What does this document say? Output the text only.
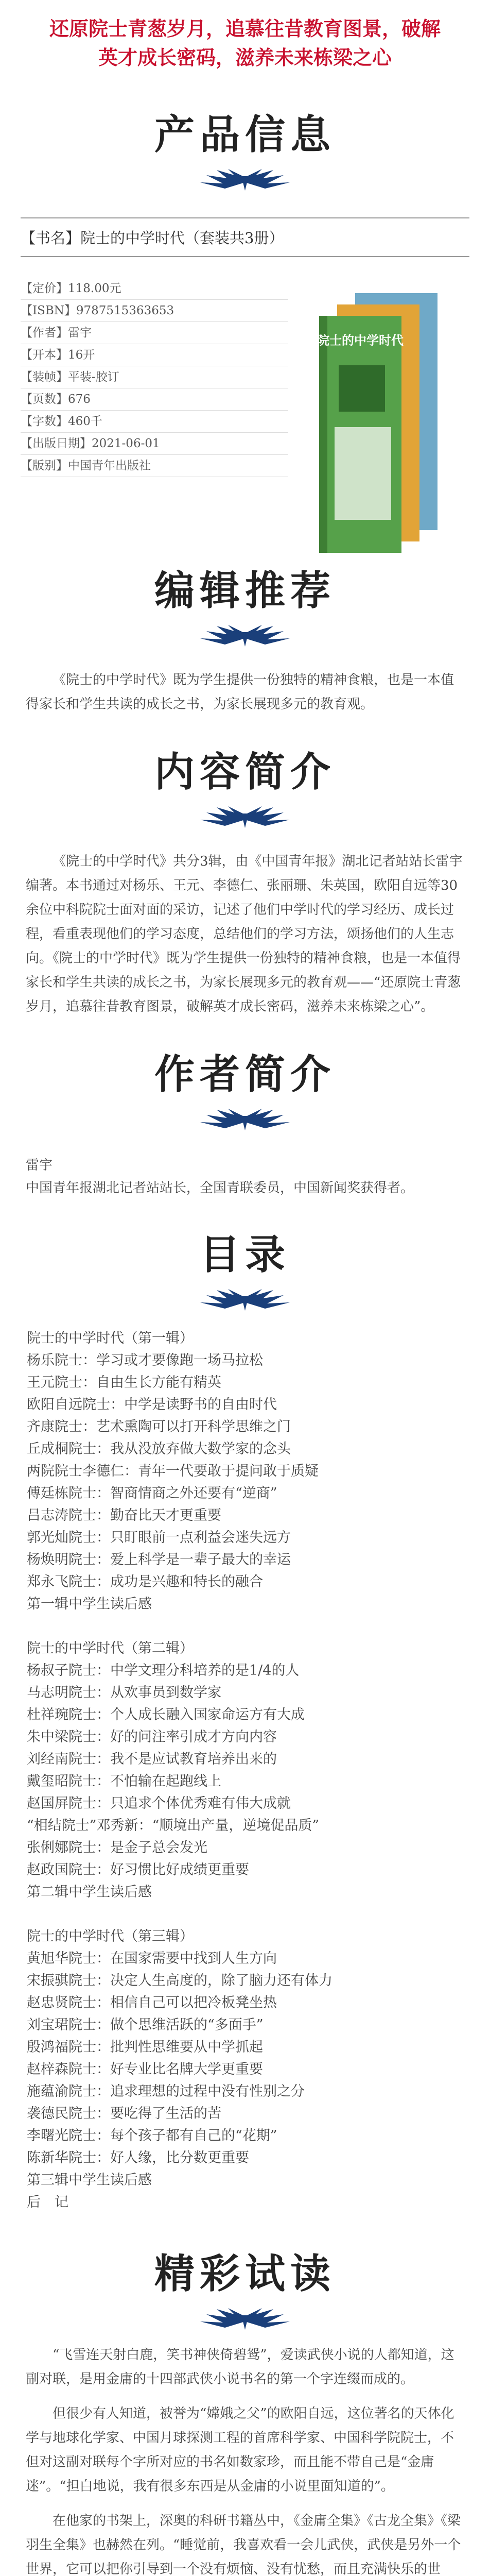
还原院士青葱岁月，追慕往昔教育图景，破解

英才成长密码，滋养未来栋梁之心

产品信息
【书名】院士的中学时代（套装共3册）
【定价】118.00元
【ISBN】9787515363653
【作者】雷宇
【开本】16开
【装帧】平装-胶订
【页数】676
【字数】460千
【出版日期】2021-06-01
【版别】中国青年出版社
院士的中学时代
编辑推荐

《院士的中学时代》既为学生提供一份独特的精神食粮，也是一本值得家长和学生共读的成长之书，为家长展现多元的教育观。

内容简介

《院士的中学时代》共分3辑，由《中国青年报》湖北记者站站长雷宇编著。本书通过对杨乐、王元、李德仁、张丽珊、朱英国，欧阳自远等30余位中科院院士面对面的采访，记述了他们中学时代的学习经历、成长过程，看重表现他们的学习态度，总结他们的学习方法，颂扬他们的人生志向。《院士的中学时代》既为学生提供一份独特的精神食粮，也是一本值得家长和学生共读的成长之书，为家长展现多元的教育观——“还原院士青葱岁月，追慕往昔教育图景，破解英才成长密码，滋养未来栋梁之心”。

作者简介
雷宇
中国青年报湖北记者站站长，全国青联委员，中国新闻奖获得者。
目录
院士的中学时代（第一辑）
杨乐院士：学习或才要像跑一场马拉松
王元院士：自由生长方能有精英
欧阳自远院士：中学是读野书的自由时代
齐康院士：艺术熏陶可以打开科学思维之门
丘成桐院士：我从没放弃做大数学家的念头
两院院士李德仁：青年一代要敢于提问敢于质疑
傅廷栋院士：智商情商之外还要有“逆商”
吕志涛院士：勤奋比天才更重要
郭光灿院士：只盯眼前一点利益会迷失远方
杨焕明院士：爱上科学是一辈子最大的幸运
郑永飞院士：成功是兴趣和特长的融合
第一辑中学生读后感
院士的中学时代（第二辑）
杨叔子院士：中学文理分科培养的是1/4的人
马志明院士：从欢事员到数学家
杜祥琬院士：个人成长融入国家命运方有大成
朱中梁院士：好的问注率引成才方向内容
刘经南院士：我不是应试教育培养出来的
戴玺昭院士：不怕输在起跑线上
赵国屏院士：只追求个体优秀难有伟大成就
“相结院士”邓秀新：“顺境出产量，逆境促品质”
张俐娜院士：是金子总会发光
赵政国院士：好习惯比好成绩更重要
第二辑中学生读后感
院士的中学时代（第三辑）
黄旭华院士：在国家需要中找到人生方向
宋振骐院士：决定人生高度的，除了脑力还有体力
赵忠贤院士：相信自己可以把冷板凳坐热
刘宝珺院士：做个思维活跃的“多面手”
殷鸿福院士：批判性思维要从中学抓起
赵梓森院士：好专业比名牌大学更重要
施蕴渝院士：追求理想的过程中没有性别之分
袭德民院士：要吃得了生活的苦
李曙光院士：每个孩子都有自己的“花期”
陈新华院士：好人缘，比分数更重要
第三辑中学生读后感
后　记
精彩试读

“飞雪连天射白鹿，笑书神侠倚碧鸳”，爱读武侠小说的人都知道，这副对联，是用金庸的十四部武侠小说书名的第一个字连缀而成的。

但很少有人知道，被誉为“嫦娥之父”的欧阳自远，这位著名的天体化学与地球化学家、中国月球探测工程的首席科学家、中国科学院院士，不但对这副对联每个字所对应的书名如数家珍，而且能不带自己是“金庸迷”。“担白地说，我有很多东西是从金庸的小说里面知道的”。

在他家的书架上，深奥的科研书籍丛中，《金庸全集》《古龙全集》《梁羽生全集》也赫然在列。“睡觉前，我喜欢看一会儿武侠，武侠是另外一个世界，它可以把你引导到一个没有烦恼、没有忧愁，而且充满快乐的世
